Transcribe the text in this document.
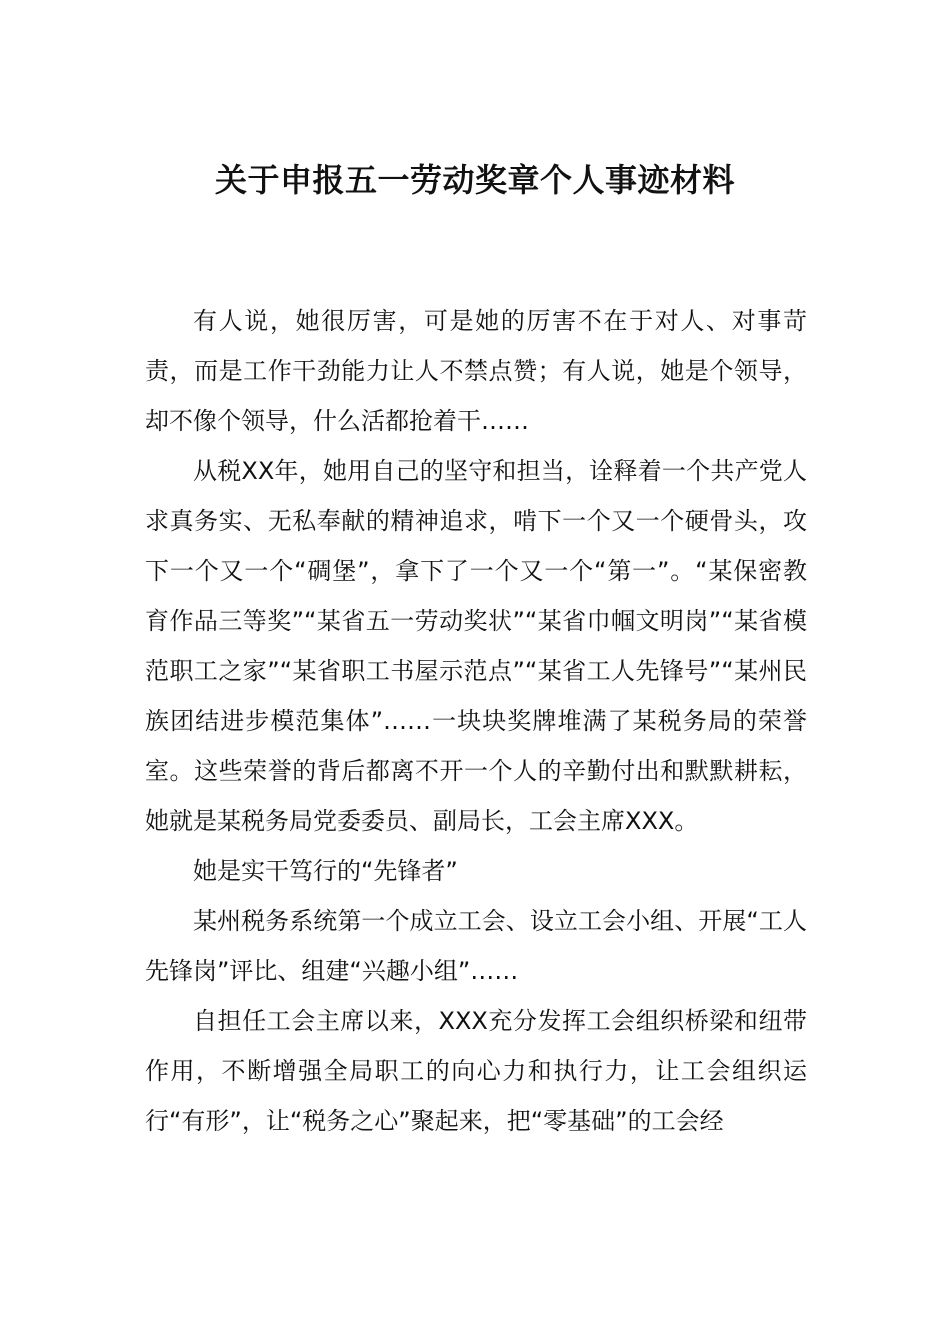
关于申报五一劳动奖章个人事迹材料

有人说，她很厉害，可是她的厉害不在于对人、对事苛责，而是工作干劲能力让人不禁点赞；有人说，她是个领导，却不像个领导，什么活都抢着干……

从税XX年，她用自己的坚守和担当，诠释着一个共产党人求真务实、无私奉献的精神追求，啃下一个又一个硬骨头，攻下一个又一个“碉堡”，拿下了一个又一个“第一”。“某保密教育作品三等奖”“某省五一劳动奖状”“某省巾帼文明岗”“某省模范职工之家”“某省职工书屋示范点”“某省工人先锋号”“某州民族团结进步模范集体”……一块块奖牌堆满了某税务局的荣誉室。这些荣誉的背后都离不开一个人的辛勤付出和默默耕耘，她就是某税务局党委委员、副局长，工会主席XXX。

她是实干笃行的“先锋者”

某州税务系统第一个成立工会、设立工会小组、开展“工人先锋岗”评比、组建“兴趣小组”……

自担任工会主席以来，XXX充分发挥工会组织桥梁和纽带作用，不断增强全局职工的向心力和执行力，让工会组织运行“有形”，让“税务之心”聚起来，把“零基础”的工会经
